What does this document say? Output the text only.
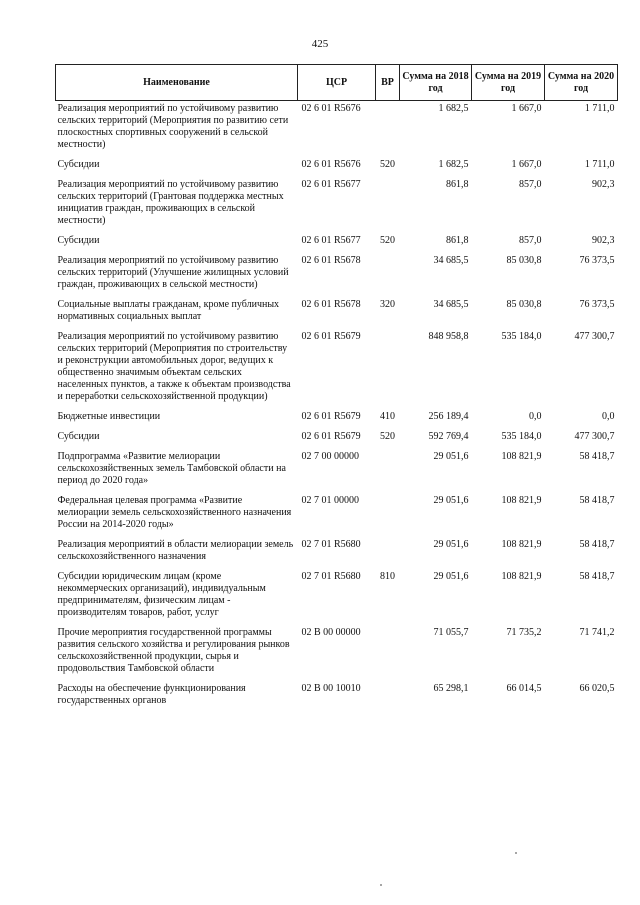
425
Наименование	ЦСР	ВР	Сумма на 2018 год	Сумма на 2019 год	Сумма на 2020 год
Реализация мероприятий по устойчивому развитию сельских территорий (Мероприятия по развитию сети плоскостных спортивных сооружений в сельской местности)	02 6 01 R5676		1 682,5	1 667,0	1 711,0
Субсидии	02 6 01 R5676	520	1 682,5	1 667,0	1 711,0
Реализация мероприятий по устойчивому развитию сельских территорий (Грантовая поддержка местных инициатив граждан, проживающих в сельской местности)	02 6 01 R5677		861,8	857,0	902,3
Субсидии	02 6 01 R5677	520	861,8	857,0	902,3
Реализация мероприятий по устойчивому развитию сельских территорий (Улучшение жилищных условий граждан, проживающих в сельской местности)	02 6 01 R5678		34 685,5	85 030,8	76 373,5
Социальные выплаты гражданам, кроме публичных нормативных социальных выплат	02 6 01 R5678	320	34 685,5	85 030,8	76 373,5
Реализация мероприятий по устойчивому развитию сельских территорий (Мероприятия по строительству и реконструкции автомобильных дорог, ведущих к общественно значимым объектам сельских населенных пунктов, а также к объектам производства и переработки сельскохозяйственной продукции)	02 6 01 R5679		848 958,8	535 184,0	477 300,7
Бюджетные инвестиции	02 6 01 R5679	410	256 189,4	0,0	0,0
Субсидии	02 6 01 R5679	520	592 769,4	535 184,0	477 300,7
Подпрограмма «Развитие мелиорации сельскохозяйственных земель Тамбовской области на период до 2020 года»	02 7 00 00000		29 051,6	108 821,9	58 418,7
Федеральная целевая программа «Развитие мелиорации земель сельскохозяйственного назначения России на 2014-2020 годы»	02 7 01 00000		29 051,6	108 821,9	58 418,7
Реализация мероприятий в области мелиорации земель сельскохозяйственного назначения	02 7 01 R5680		29 051,6	108 821,9	58 418,7
Субсидии юридическим лицам (кроме некоммерческих организаций), индивидуальным предпринимателям, физическим лицам - производителям товаров, работ, услуг	02 7 01 R5680	810	29 051,6	108 821,9	58 418,7
Прочие мероприятия государственной программы развития сельского хозяйства и регулирования рынков сельскохозяйственной продукции, сырья и продовольствия Тамбовской области	02 В 00 00000		71 055,7	71 735,2	71 741,2
Расходы на обеспечение функционирования государственных органов	02 В 00 10010		65 298,1	66 014,5	66 020,5
